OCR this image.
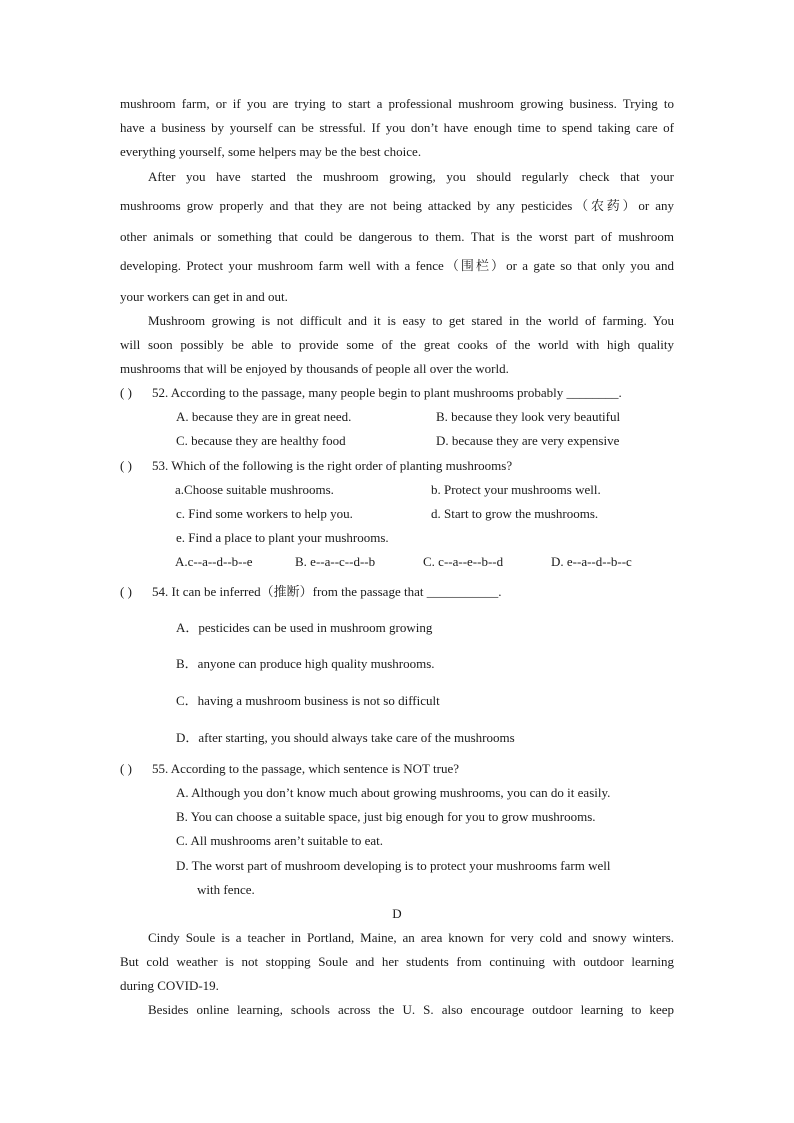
mushroom farm, or if you are trying to start a professional mushroom growing business. Trying to
have a business by yourself can be stressful. If you don’t have enough time to spend taking care of
everything yourself, some helpers may be the best choice.
After you have started the mushroom growing, you should regularly check that your
mushrooms grow properly and that they are not being attacked by any pesticides（农药）or any
other animals or something that could be dangerous to them. That is the worst part of mushroom
developing. Protect your mushroom farm well with a fence（围栏）or a gate so that only you and
your workers can get in and out.
Mushroom growing is not difficult and it is easy to get stared in the world of farming. You
will soon possibly be able to provide some of the great cooks of the world with high quality
mushrooms that will be enjoyed by thousands of people all over the world.
( ) 52. According to the passage, many people begin to plant mushrooms probably ________.
A. because they are in great need.	B. because they look very beautiful
C. because they are healthy food	D. because they are very expensive
( ) 53. Which of the following is the right order of planting mushrooms?
a.Choose suitable mushrooms.	b. Protect your mushrooms well.
c. Find some workers to help you.	d. Start to grow the mushrooms.
e. Find a place to plant your mushrooms.
A.c--a--d--b--e	B. e--a--c--d--b	C. c--a--e--b--d	D. e--a--d--b--c
( ) 54. It can be inferred（推断）from the passage that ___________.
A．pesticides can be used in mushroom growing
B．anyone can produce high quality mushrooms.
C．having a mushroom business is not so difficult
D．after starting, you should always take care of the mushrooms
( ) 55. According to the passage, which sentence is NOT true?
A. Although you don’t know much about growing mushrooms, you can do it easily.
B. You can choose a suitable space, just big enough for you to grow mushrooms.
C. All mushrooms aren’t suitable to eat.
D. The worst part of mushroom developing is to protect your mushrooms farm well
with fence.
D
Cindy Soule is a teacher in Portland, Maine, an area known for very cold and snowy winters.
But cold weather is not stopping Soule and her students from continuing with outdoor learning
during COVID-19.
Besides online learning, schools across the U. S. also encourage outdoor learning to keep
